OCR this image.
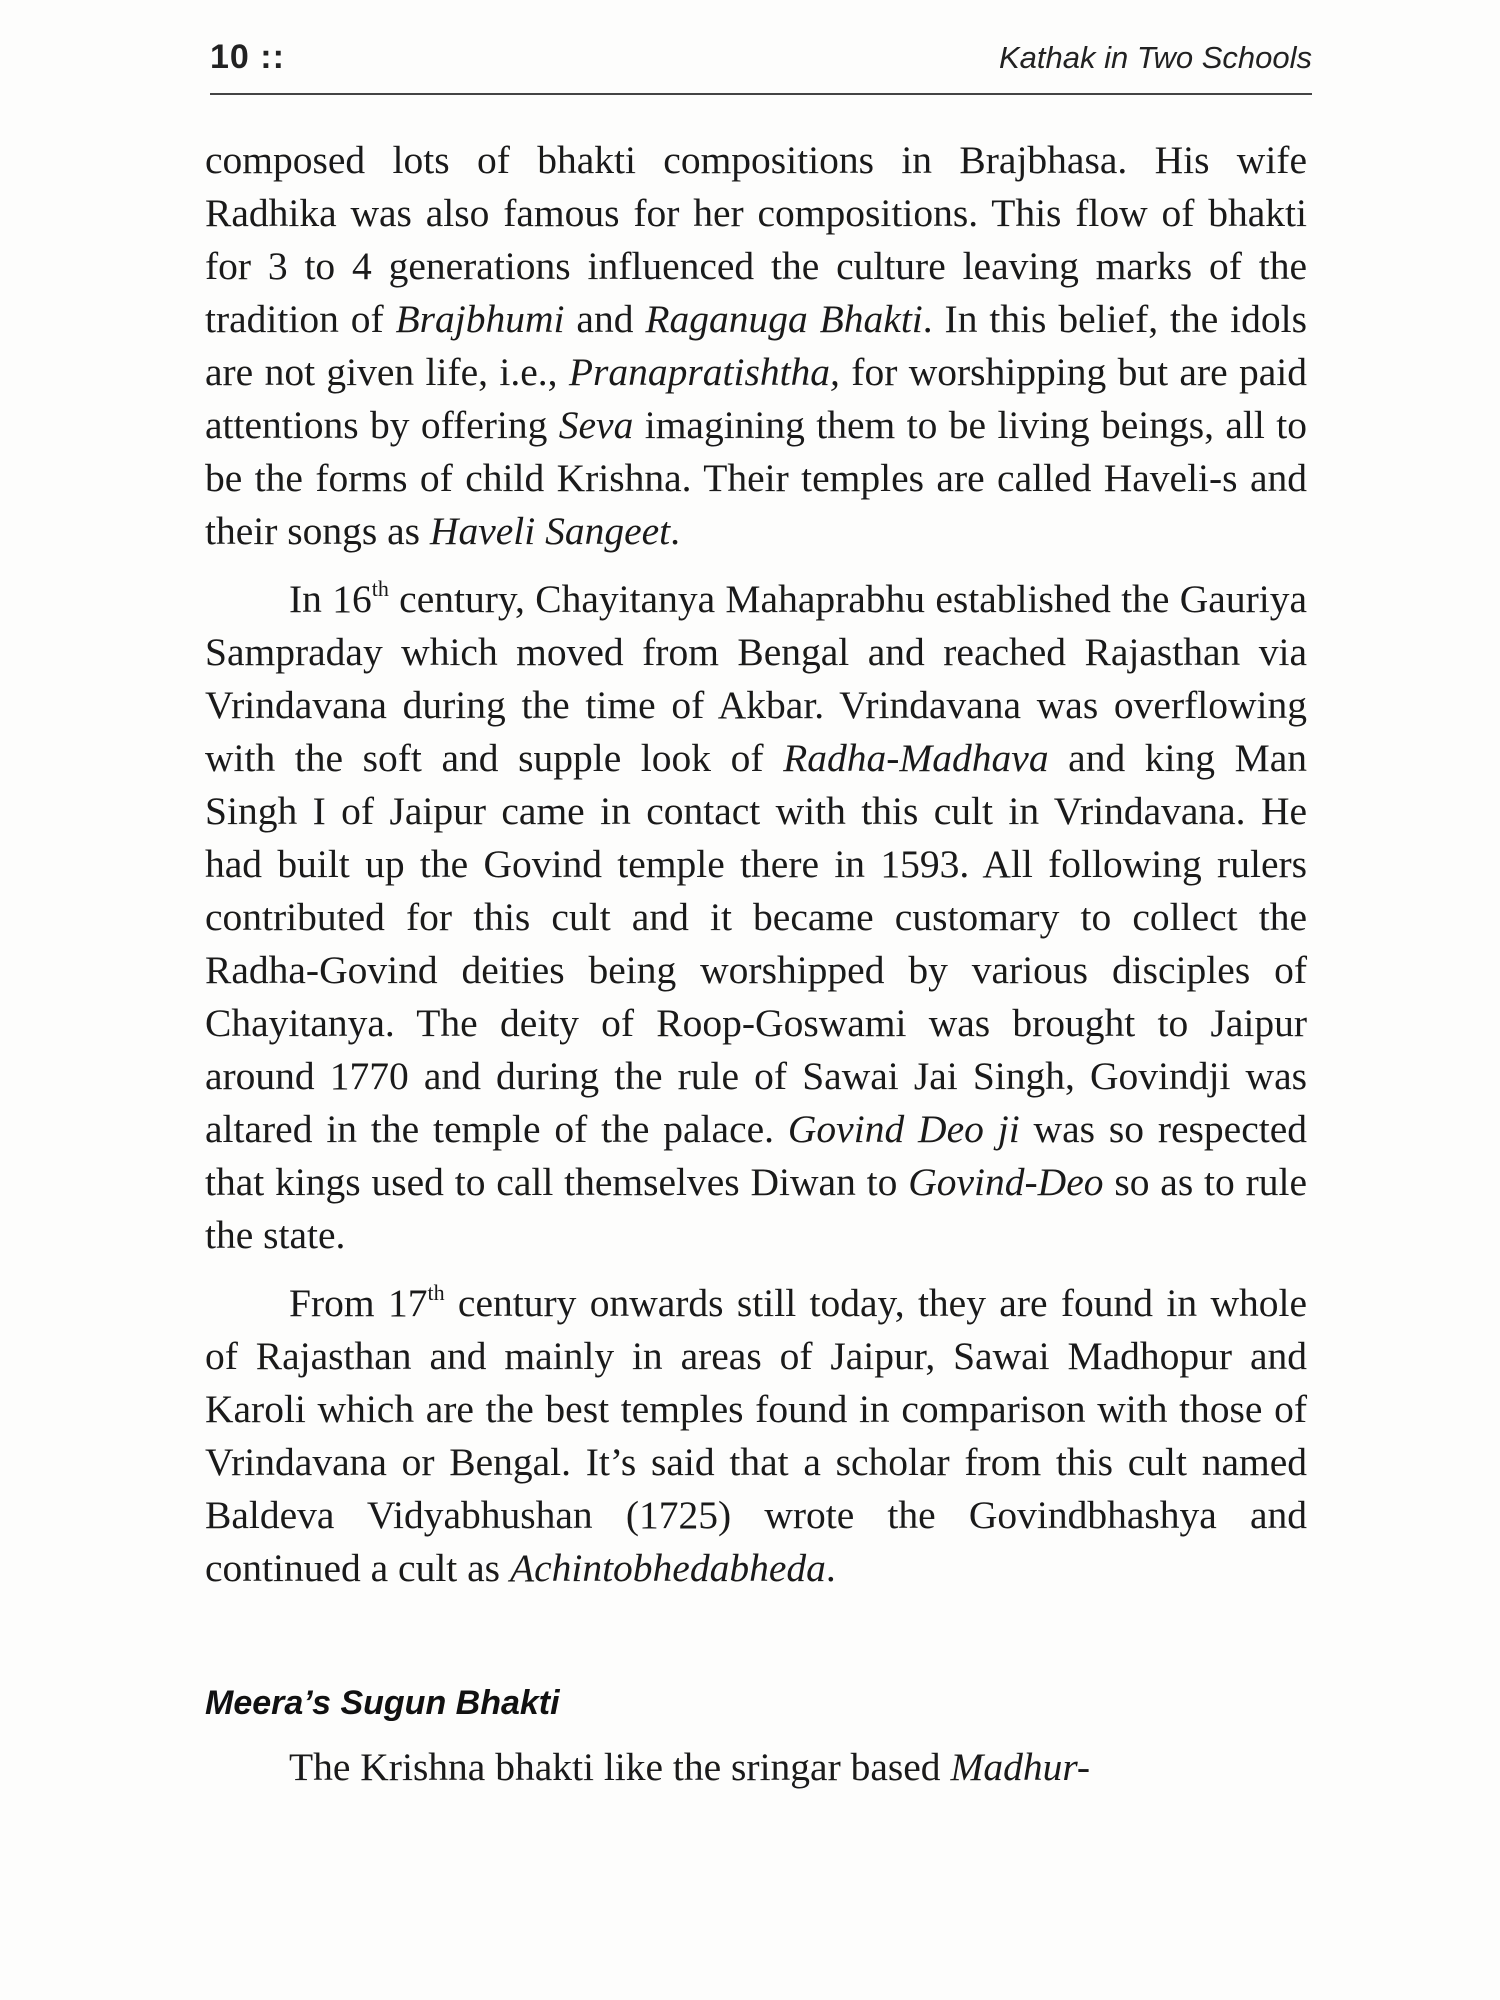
10 ::	Kathak in Two Schools

composed lots of bhakti compositions in Brajbhasa. His wife Radhika was also famous for her compositions. This flow of bhakti for 3 to 4 generations influenced the culture leaving marks of the tradition of Brajbhumi and Raganuga Bhakti. In this belief, the idols are not given life, i.e., Pranapratishtha, for worshipping but are paid attentions by offering Seva imagining them to be living beings, all to be the forms of child Krishna. Their temples are called Haveli-s and their songs as Haveli Sangeet.

In 16th century, Chayitanya Mahaprabhu established the Gauriya Sampraday which moved from Bengal and reached Rajasthan via Vrindavana during the time of Akbar. Vrindavana was overflowing with the soft and supple look of Radha-Madhava and king Man Singh I of Jaipur came in contact with this cult in Vrindavana. He had built up the Govind temple there in 1593. All following rulers contributed for this cult and it became customary to collect the Radha-Govind deities being worshipped by various disciples of Chayitanya. The deity of Roop-Goswami was brought to Jaipur around 1770 and during the rule of Sawai Jai Singh, Govindji was altared in the temple of the palace. Govind Deo ji was so respected that kings used to call themselves Diwan to Govind-Deo so as to rule the state.

From 17th century onwards still today, they are found in whole of Rajasthan and mainly in areas of Jaipur, Sawai Madhopur and Karoli which are the best temples found in comparison with those of Vrindavana or Bengal. It’s said that a scholar from this cult named Baldeva Vidyabhushan (1725) wrote the Govindbhashya and continued a cult as Achintobhedabheda.

Meera’s Sugun Bhakti

The Krishna bhakti like the sringar based Madhur-
